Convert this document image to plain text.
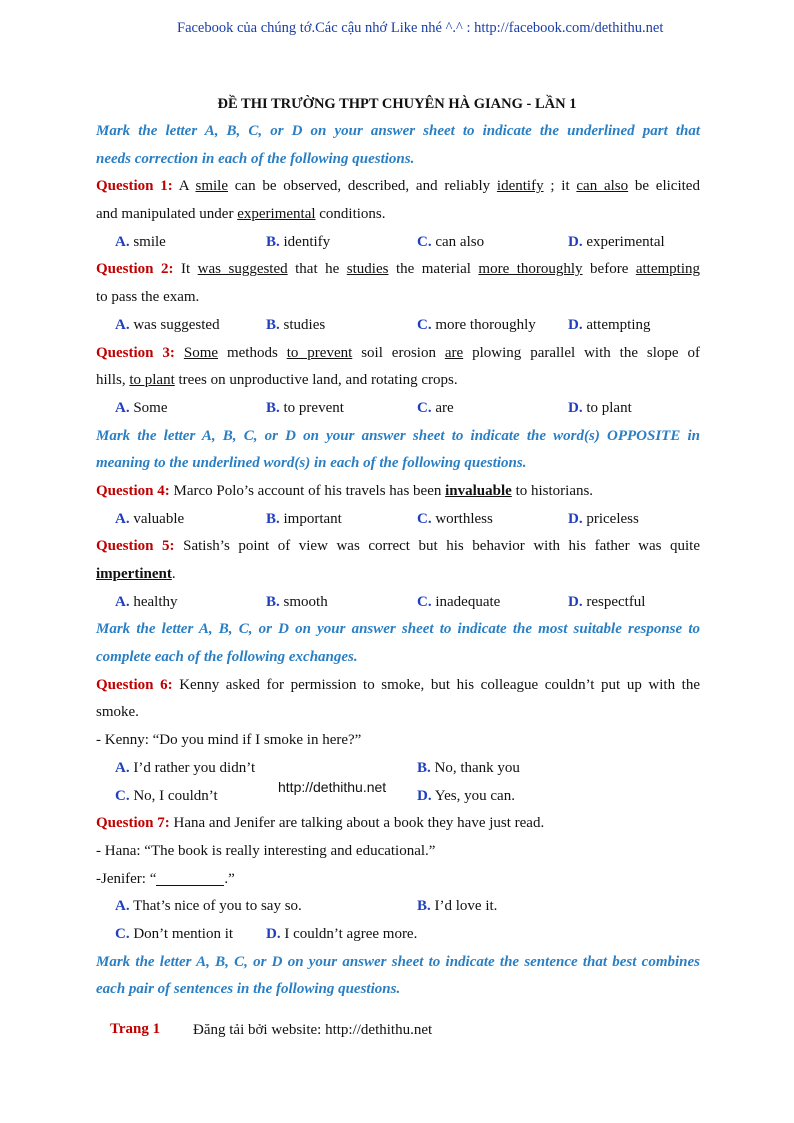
Facebook của chúng tớ.Các cậu nhớ Like nhé ^.^ : http://facebook.com/dethithu.net
ĐỀ THI TRƯỜNG THPT CHUYÊN HÀ GIANG - LẦN 1
Mark the letter A, B, C, or D on your answer sheet to indicate the underlined part that
needs correction in each of the following questions.
Question 1: A smile can be observed, described, and reliably identify ; it can also be elicited
and manipulated under experimental conditions.
A. smile	B. identify	C. can also	D. experimental
Question 2: It was suggested that he studies the material more thoroughly before attempting
to pass the exam.
A. was suggested	B. studies	C. more thoroughly D. attempting
Question 3: Some methods to prevent soil erosion are plowing parallel with the slope of
hills, to plant trees on unproductive land, and rotating crops.
A. Some	B. to prevent	C. are	D. to plant
Mark the letter A, B, C, or D on your answer sheet to indicate the word(s) OPPOSITE in
meaning to the underlined word(s) in each of the following questions.
Question 4: Marco Polo’s account of his travels has been invaluable to historians.
A. valuable	B. important	C. worthless	D. priceless
Question 5: Satish’s point of view was correct but his behavior with his father was quite
impertinent.
A. healthy	B. smooth	C. inadequate	D. respectful
Mark the letter A, B, C, or D on your answer sheet to indicate the most suitable response to
complete each of the following exchanges.
Question 6: Kenny asked for permission to smoke, but his colleague couldn’t put up with the
smoke.
- Kenny: “Do you mind if I smoke in here?”
A. I’d rather you didn’t	B. No, thank you
C. No, I couldn’t
http://dethithu.net
D. Yes, you can.
Question 7: Hana and Jenifer are talking about a book they have just read.
- Hana: “The book is really interesting and educational.”
-Jenifer: “	.”
A. That’s nice of you to say so.	B. I’d love it.
C. Don’t mention it D. I couldn’t agree more.
Mark the letter A, B, C, or D on your answer sheet to indicate the sentence that best combines
each pair of sentences in the following questions.
Trang 1 Đăng tải bởi website: http://dethithu.net
